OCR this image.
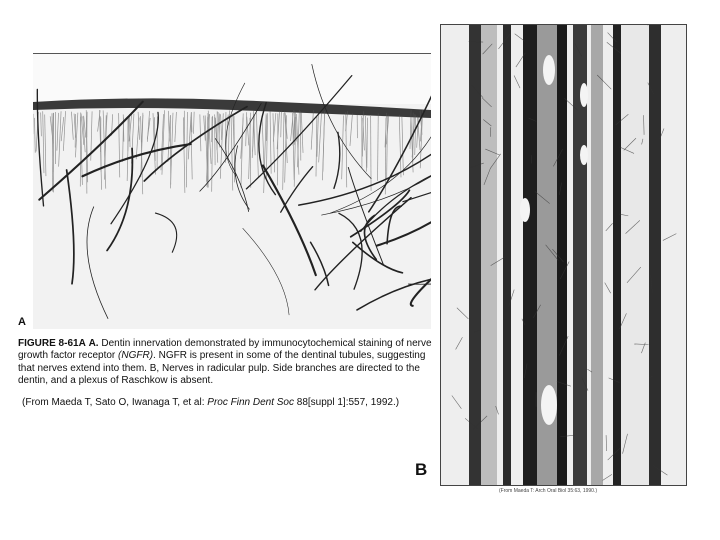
A
B
FIGURE 8-61A A. Dentin innervation demonstrated by immunocytochemical staining of nerve growth factor receptor (NGFR). NGFR is present in some of the dentinal tubules, suggesting that nerves extend into them. B, Nerves in radicular pulp. Side branches are directed to the dentin, and a plexus of Raschkow is absent.
(From Maeda T, Sato O, Iwanaga T, et al: Proc Finn Dent Soc 88[suppl 1]:557, 1992.)
(From Maeda T: Arch Oral Biol 35:63, 1990.)
